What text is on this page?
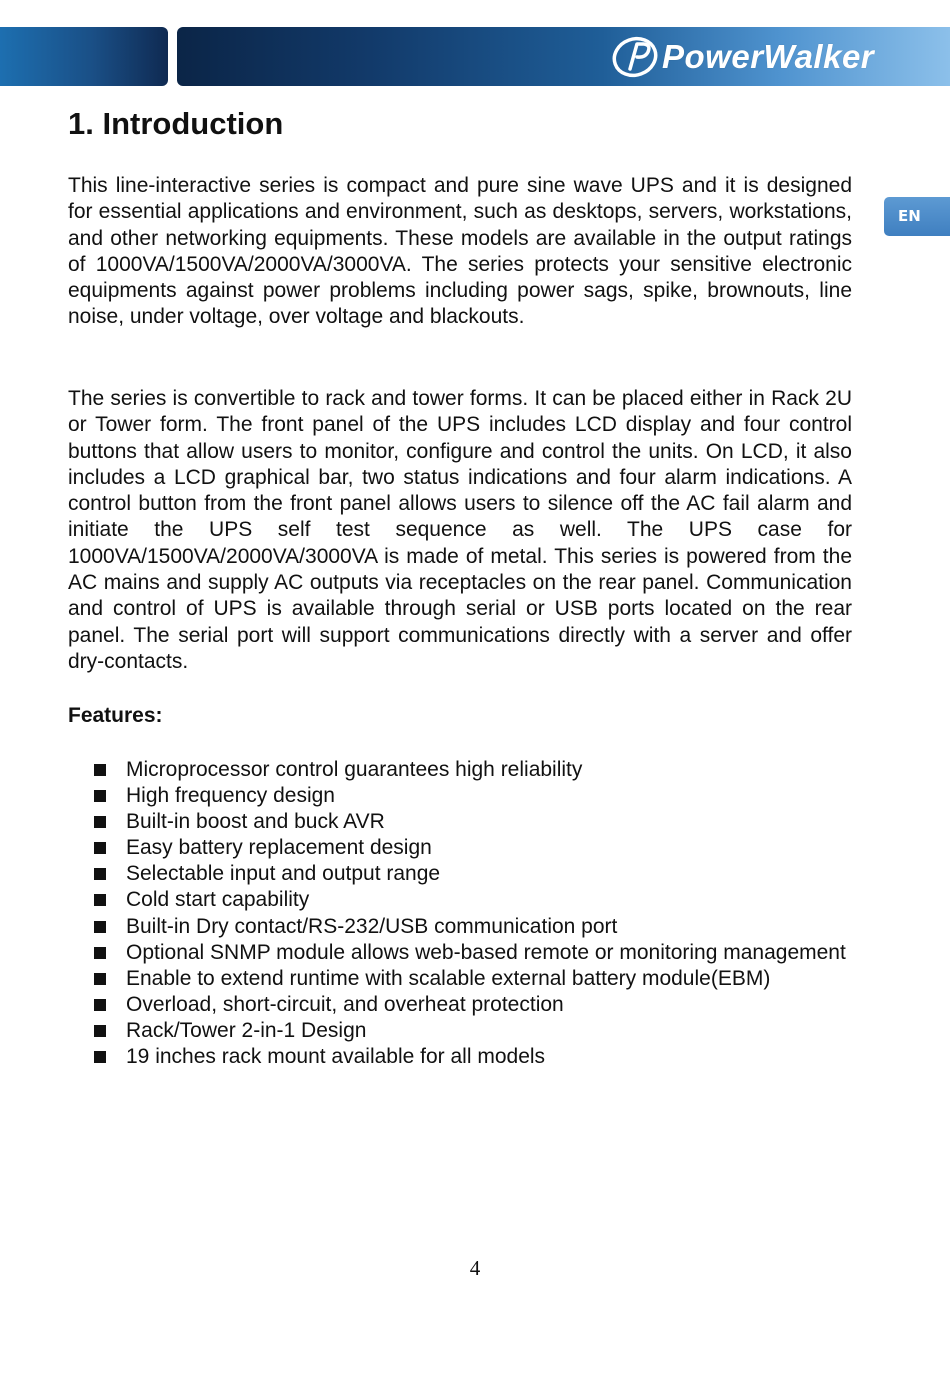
PowerWalker
EN
1. Introduction

This line-interactive series is compact and pure sine wave UPS and it is designed for essential applications and environment, such as desktops, servers, workstations, and other networking equipments. These models are available in the output ratings of 1000VA/1500VA/2000VA/3000VA. The series protects your sensitive electronic equipments against power problems including power sags, spike, brownouts, line noise, under voltage, over voltage and blackouts.

The series is convertible to rack and tower forms. It can be placed either in Rack 2U or Tower form. The front panel of the UPS includes LCD display and four control buttons that allow users to monitor, configure and control the units. On LCD, it also includes a LCD graphical bar, two status indications and four alarm indications. A control button from the front panel allows users to silence off the AC fail alarm and initiate the UPS self test sequence as well. The UPS case for 1000VA/1500VA/2000VA/3000VA is made of metal. This series is powered from the AC mains and supply AC outputs via receptacles on the rear panel. Communication and control of UPS is available through serial or USB ports located on the rear panel. The serial port will support communications directly with a server and offer dry-contacts.

Features:

Microprocessor control guarantees high reliability
High frequency design
Built-in boost and buck AVR
Easy battery replacement design
Selectable input and output range
Cold start capability
Built-in Dry contact/RS-232/USB communication port
Optional SNMP module allows web-based remote or monitoring management
Enable to extend runtime with scalable external battery module(EBM)
Overload, short-circuit, and overheat protection
Rack/Tower 2-in-1 Design
19 inches rack mount available for all models

4
